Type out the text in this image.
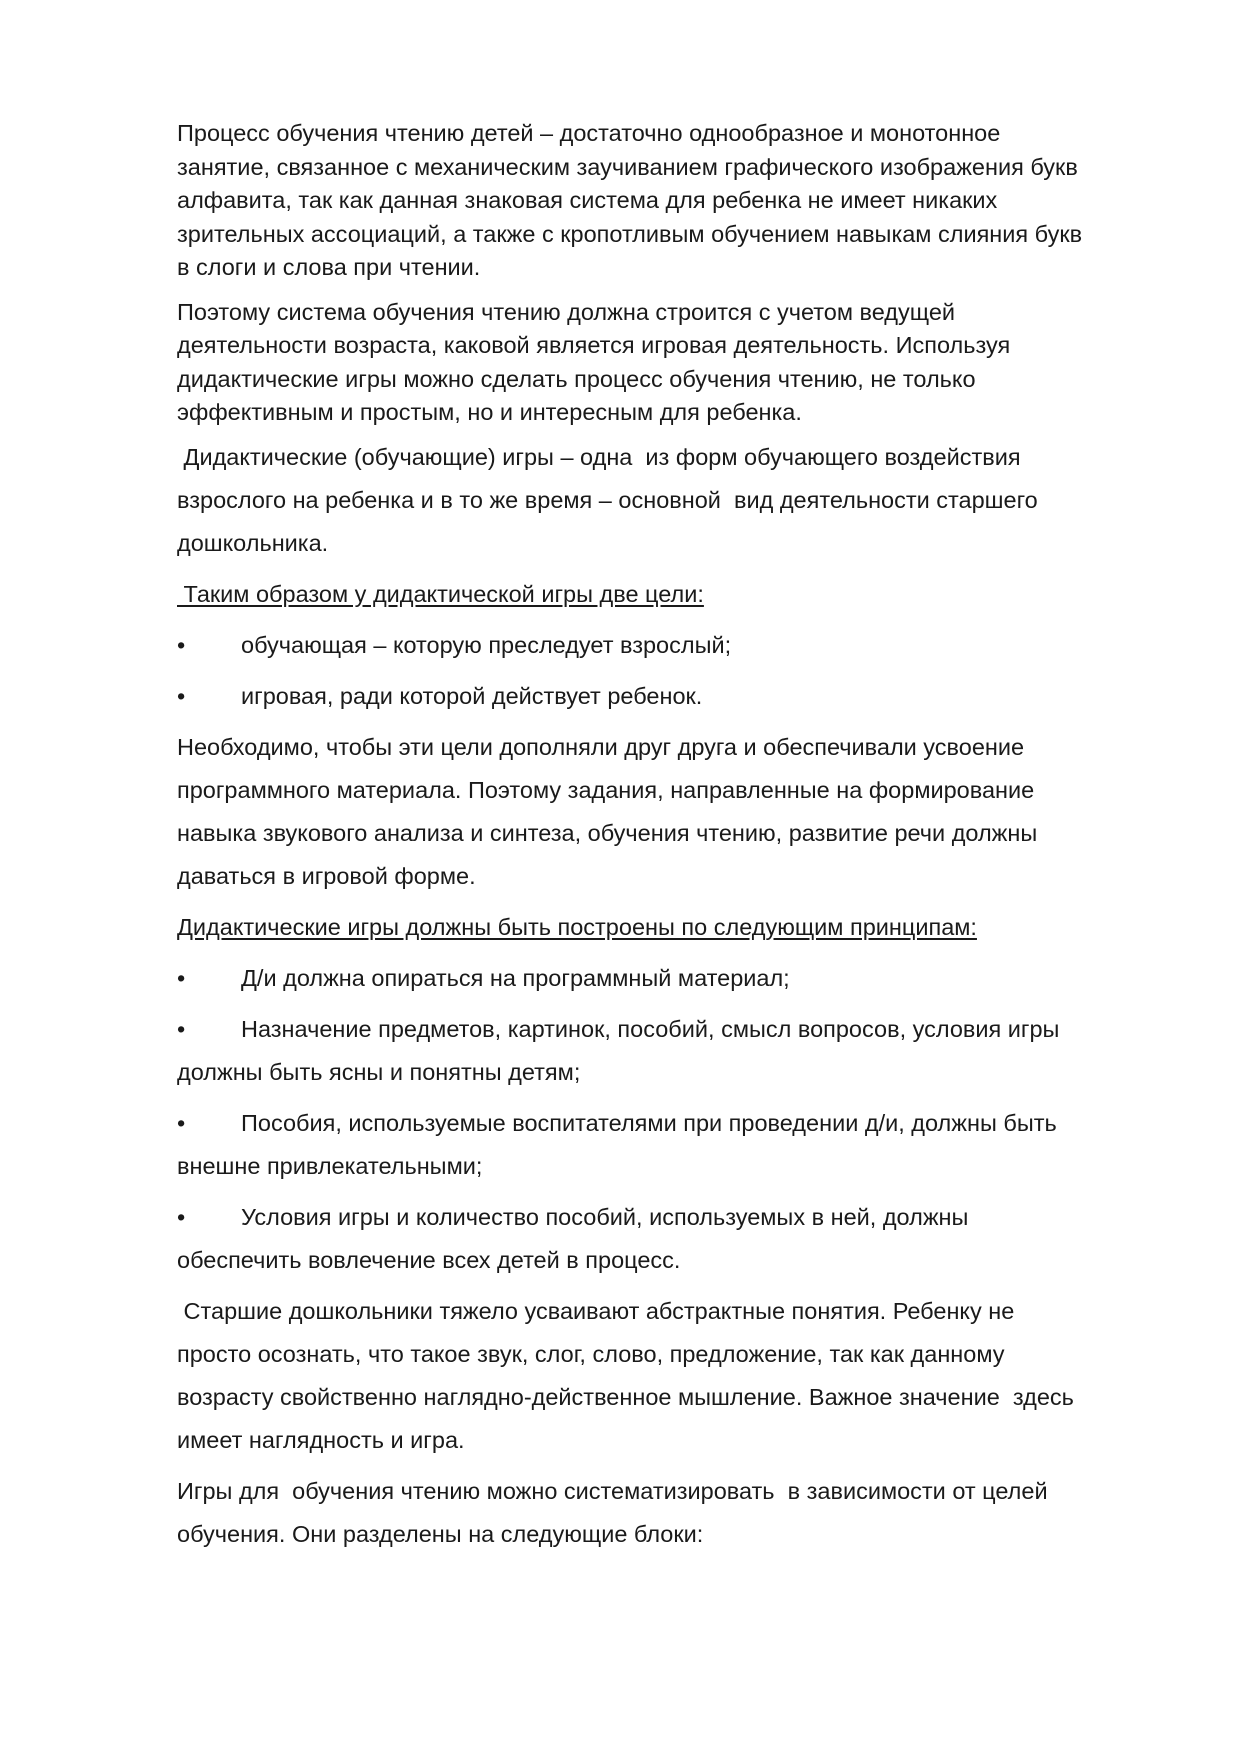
Процесс обучения чтению детей – достаточно однообразное и монотонное

занятие, связанное с механическим заучиванием графического изображения букв

алфавита, так как данная знаковая система для ребенка не имеет никаких

зрительных ассоциаций, а также с кропотливым обучением навыкам слияния букв

в слоги и слова при чтении.

Поэтому система обучения чтению должна строится с учетом ведущей

деятельности возраста, каковой является игровая деятельность. Используя

дидактические игры можно сделать процесс обучения чтению, не только

эффективным и простым, но и интересным для ребенка.

Дидактические (обучающие) игры – одна  из форм обучающего воздействия

взрослого на ребенка и в то же время – основной  вид деятельности старшего

дошкольника.

Таким образом у дидактической игры две цели:

• обучающая – которую преследует взрослый;
• игровая, ради которой действует ребенок.

Необходимо, чтобы эти цели дополняли друг друга и обеспечивали усвоение

программного материала. Поэтому задания, направленные на формирование

навыка звукового анализа и синтеза, обучения чтению, развитие речи должны

даваться в игровой форме.

Дидактические игры должны быть построены по следующим принципам:

• Д/и должна опираться на программный материал;
• Назначение предметов, картинок, пособий, смысл вопросов, условия игры
должны быть ясны и понятны детям;
• Пособия, используемые воспитателями при проведении д/и, должны быть
внешне привлекательными;
• Условия игры и количество пособий, используемых в ней, должны
обеспечить вовлечение всех детей в процесс.

Старшие дошкольники тяжело усваивают абстрактные понятия. Ребенку не

просто осознать, что такое звук, слог, слово, предложение, так как данному

возрасту свойственно наглядно-действенное мышление. Важное значение  здесь

имеет наглядность и игра.

Игры для  обучения чтению можно систематизировать  в зависимости от целей

обучения. Они разделены на следующие блоки:
